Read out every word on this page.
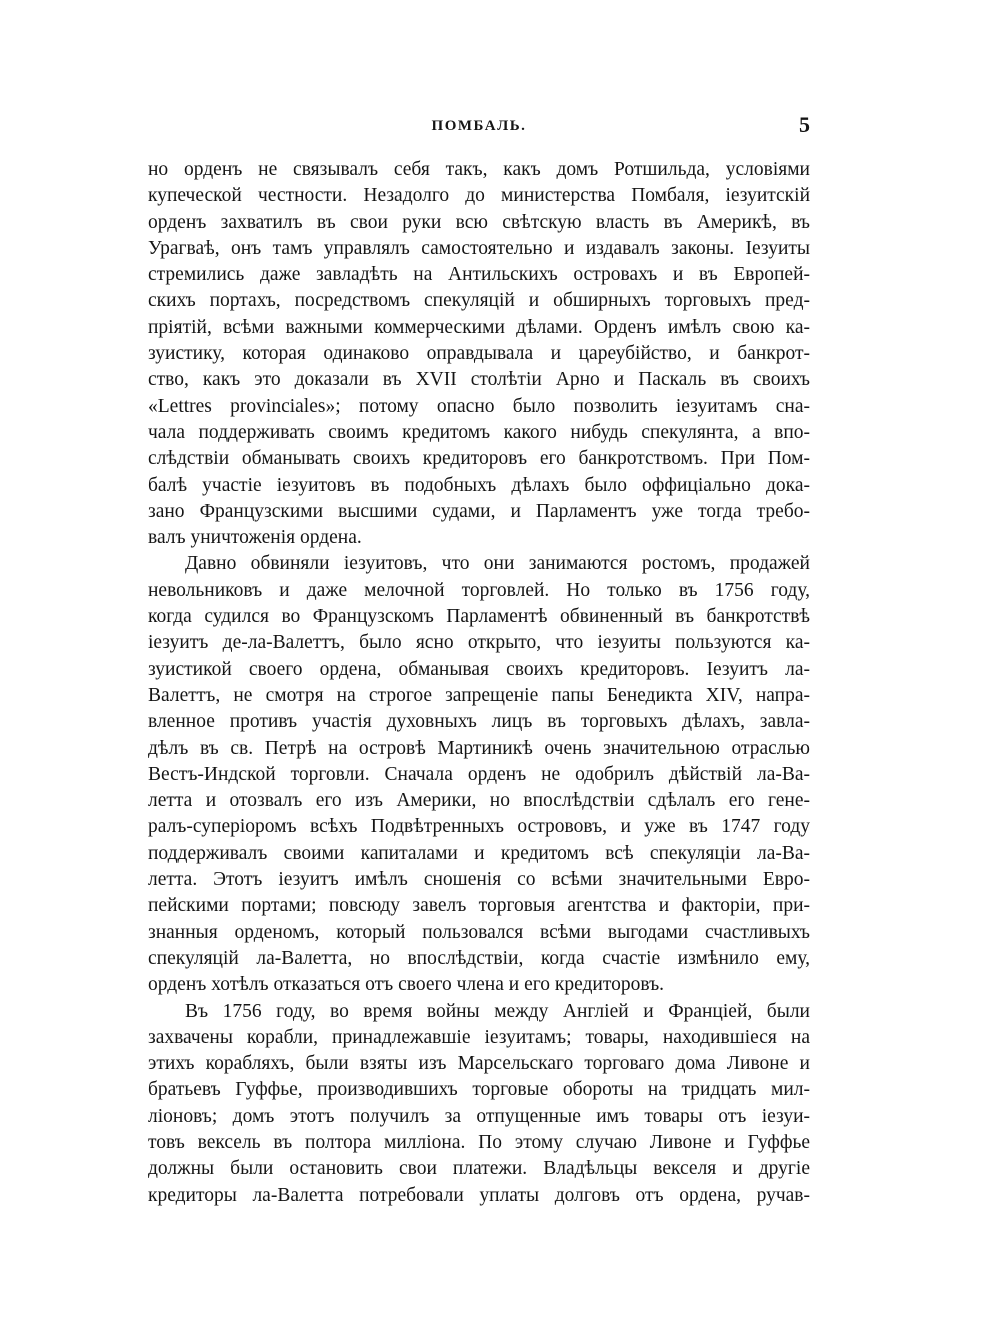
ПОМБАЛЬ.	5
но орденъ не связывалъ себя такъ, какъ домъ Ротшильда, условіями
купеческой честности. Незадолго до министерства Помбаля, іезуитскій
орденъ захватилъ въ свои руки всю свѣтскую власть въ Америкѣ, въ
Урагваѣ, онъ тамъ управлялъ самостоятельно и издавалъ законы. Іезуиты
стремились даже завладѣть на Антильскихъ островахъ и въ Европей-
скихъ портахъ, посредствомъ спекуляцій и обширныхъ торговыхъ пред-
пріятій, всѣми важными коммерческими дѣлами. Орденъ имѣлъ свою ка-
зуистику, которая одинаково оправдывала и цареубійство, и банкрот-
ство, какъ это доказали въ XVII столѣтіи Арно и Паскаль въ своихъ
«Lettres provinciales»; потому опасно было позволить іезуитамъ сна-
чала поддерживать своимъ кредитомъ какого нибудь спекулянта, а впо-
слѣдствіи обманывать своихъ кредиторовъ его банкротствомъ. При Пом-
балѣ участіе іезуитовъ въ подобныхъ дѣлахъ было оффиціально дока-
зано Французскими высшими судами, и Парламентъ уже тогда требо-
валъ уничтоженія ордена.
Давно обвиняли іезуитовъ, что они занимаются ростомъ, продажей
невольниковъ и даже мелочной торговлей. Но только въ 1756 году,
когда судился во Французскомъ Парламентѣ обвиненный въ банкротствѣ
іезуитъ де-ла-Валеттъ, было ясно открыто, что іезуиты пользуются ка-
зуистикой своего ордена, обманывая своихъ кредиторовъ. Іезуитъ ла-
Валеттъ, не смотря на строгое запрещеніе папы Бенедикта XIV, напра-
вленное противъ участія духовныхъ лицъ въ торговыхъ дѣлахъ, завла-
дѣлъ въ св. Петрѣ на островѣ Мартиникѣ очень значительною отраслью
Вестъ-Индской торговли. Сначала орденъ не одобрилъ дѣйствій ла-Ва-
летта и отозвалъ его изъ Америки, но впослѣдствіи сдѣлалъ его гене-
ралъ-суперіоромъ всѣхъ Подвѣтренныхъ острововъ, и уже въ 1747 году
поддерживалъ своими капиталами и кредитомъ всѣ спекуляціи ла-Ва-
летта. Этотъ іезуитъ имѣлъ сношенія со всѣми значительными Евро-
пейскими портами; повсюду завелъ торговыя агентства и факторіи, при-
знанныя орденомъ, который пользовался всѣми выгодами счастливыхъ
спекуляцій ла-Валетта, но впослѣдствіи, когда счастіе измѣнило ему,
орденъ хотѣлъ отказаться отъ своего члена и его кредиторовъ.
Въ 1756 году, во время войны между Англіей и Франціей, были
захвачены корабли, принадлежавшіе іезуитамъ; товары, находившіеся на
этихъ корабляхъ, были взяты изъ Марсельскаго торговаго дома Ливоне и
братьевъ Гуффье, производившихъ торговые обороты на тридцать мил-
ліоновъ; домъ этотъ получилъ за отпущенные имъ товары отъ іезуи-
товъ вексель въ полтора милліона. По этому случаю Ливоне и Гуффье
должны были остановить свои платежи. Владѣльцы векселя и другіе
кредиторы ла-Валетта потребовали уплаты долговъ отъ ордена, ручав-
